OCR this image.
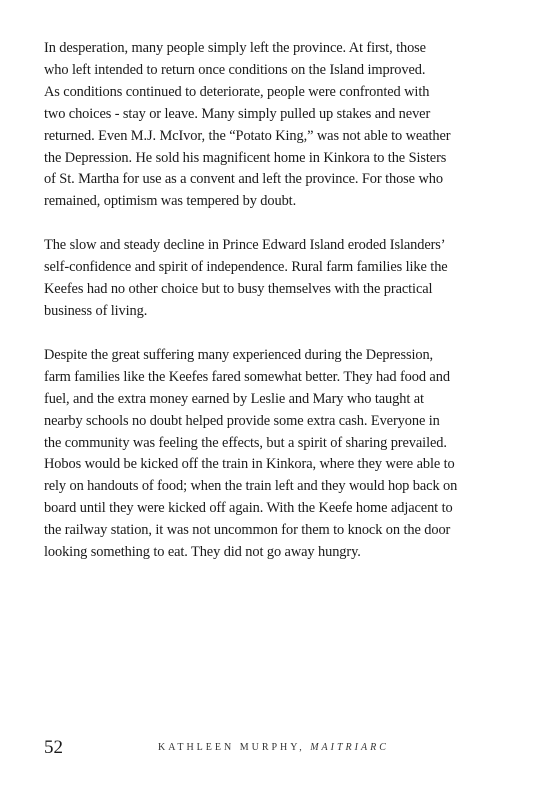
In desperation, many people simply left the province. At first, those
who left intended to return once conditions on the Island improved.
As conditions continued to deteriorate, people were confronted with
two choices - stay or leave. Many simply pulled up stakes and never
returned. Even M.J. McIvor, the “Potato King,” was not able to weather
the Depression. He sold his magnificent home in Kinkora to the Sisters
of St. Martha for use as a convent and left the province. For those who
remained, optimism was tempered by doubt.

The slow and steady decline in Prince Edward Island eroded Islanders’
self-confidence and spirit of independence. Rural farm families like the
Keefes had no other choice but to busy themselves with the practical
business of living.

Despite the great suffering many experienced during the Depression,
farm families like the Keefes fared somewhat better. They had food and
fuel, and the extra money earned by Leslie and Mary who taught at
nearby schools no doubt helped provide some extra cash. Everyone in
the community was feeling the effects, but a spirit of sharing prevailed.
Hobos would be kicked off the train in Kinkora, where they were able to
rely on handouts of food; when the train left and they would hop back on
board until they were kicked off again. With the Keefe home adjacent to
the railway station, it was not uncommon for them to knock on the door
looking something to eat. They did not go away hungry.

52	KATHLEEN MURPHY, MAITRIARC
